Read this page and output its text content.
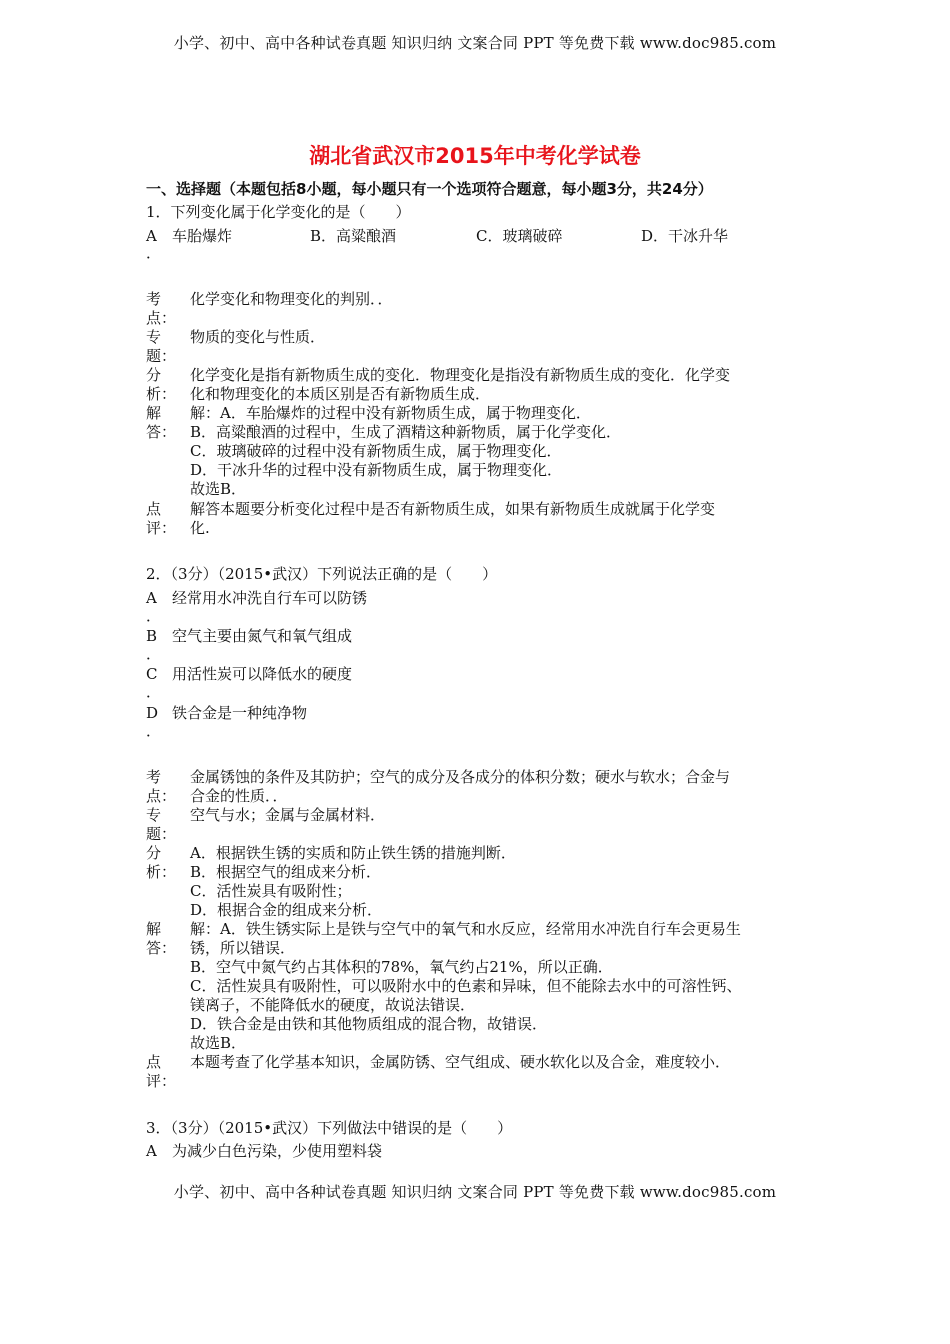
小学、初中、高中各种试卷真题 知识归纳 文案合同 PPT 等免费下载 www.doc985.com
湖北省武汉市2015年中考化学试卷
一、选择题（本题包括8小题，每小题只有一个选项符合题意，每小题3分，共24分）
1．下列变化属于化学变化的是（　　）
A 车胎爆炸	B．高粱酿酒	C．玻璃破碎	D．干冰升华
．
考
点：
化学变化和物理变化的判别．．
专
题：
物质的变化与性质．
分
析：
化学变化是指有新物质生成的变化．物理变化是指没有新物质生成的变化．化学变
化和物理变化的本质区别是否有新物质生成．
解
答：
解：A．车胎爆炸的过程中没有新物质生成，属于物理变化．
B．高粱酿酒的过程中，生成了酒精这种新物质，属于化学变化．
C．玻璃破碎的过程中没有新物质生成，属于物理变化．
D．干冰升华的过程中没有新物质生成，属于物理变化．
故选B．
点
评：
解答本题要分析变化过程中是否有新物质生成，如果有新物质生成就属于化学变
化.
2．（3分）（2015•武汉）下列说法正确的是（　　）
A 经常用水冲洗自行车可以防锈
．
B 空气主要由氮气和氧气组成
．
C 用活性炭可以降低水的硬度
．
D 铁合金是一种纯净物
．
考
点：
金属锈蚀的条件及其防护；空气的成分及各成分的体积分数；硬水与软水；合金与
合金的性质．．
专
题：
空气与水；金属与金属材料．
分
析：
A．根据铁生锈的实质和防止铁生锈的措施判断．
B．根据空气的组成来分析．
C．活性炭具有吸附性；
D．根据合金的组成来分析．
解
答：
解：A．铁生锈实际上是铁与空气中的氧气和水反应，经常用水冲洗自行车会更易生
锈，所以错误．
B．空气中氮气约占其体积的78%，氧气约占21%，所以正确．
C．活性炭具有吸附性，可以吸附水中的色素和异味，但不能除去水中的可溶性钙、
镁离子，不能降低水的硬度，故说法错误．
D．铁合金是由铁和其他物质组成的混合物，故错误．
故选B．
点
评：
本题考查了化学基本知识，金属防锈、空气组成、硬水软化以及合金，难度较小．
3．（3分）（2015•武汉）下列做法中错误的是（　　）
A 为减少白色污染，少使用塑料袋
小学、初中、高中各种试卷真题 知识归纳 文案合同 PPT 等免费下载 www.doc985.com
